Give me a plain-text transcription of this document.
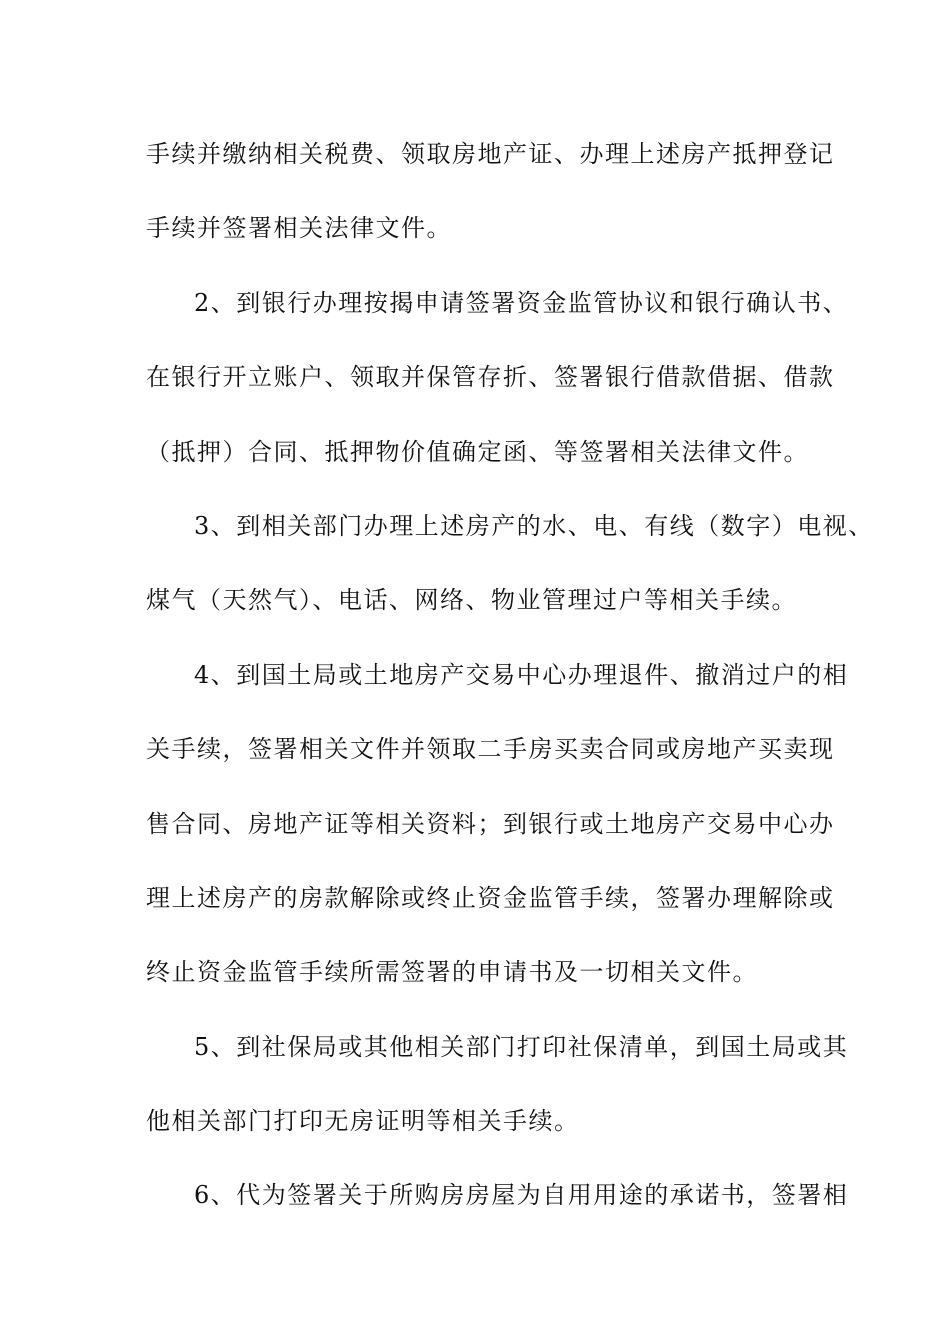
手续并缴纳相关税费、领取房地产证、办理上述房产抵押登记
手续并签署相关法律文件。
2、到银行办理按揭申请签署资金监管协议和银行确认书、
在银行开立账户、领取并保管存折、签署银行借款借据、借款
（抵押）合同、抵押物价值确定函、等签署相关法律文件。
3、到相关部门办理上述房产的水、电、有线（数字）电视、
煤气（天然气）、电话、网络、物业管理过户等相关手续。
4、到国土局或土地房产交易中心办理退件、撤消过户的相
关手续，签署相关文件并领取二手房买卖合同或房地产买卖现
售合同、房地产证等相关资料；到银行或土地房产交易中心办
理上述房产的房款解除或终止资金监管手续，签署办理解除或
终止资金监管手续所需签署的申请书及一切相关文件。
5、到社保局或其他相关部门打印社保清单，到国土局或其
他相关部门打印无房证明等相关手续。
6、代为签署关于所购房房屋为自用用途的承诺书，签署相
